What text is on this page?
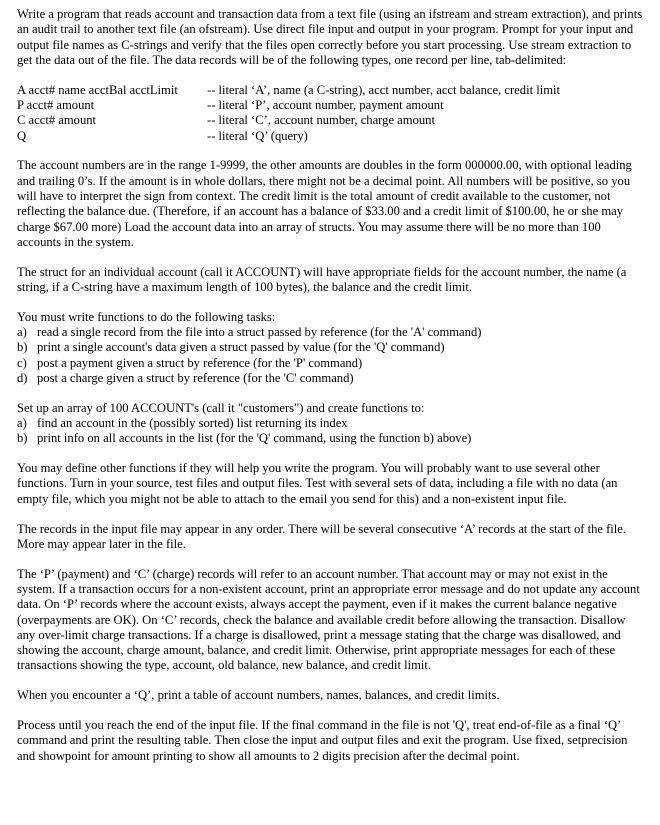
Write a program that reads account and transaction data from a text file (using an ifstream and stream extraction), and prints an audit trail to another text file (an ofstream). Use direct file input and output in your program. Prompt for your input and output file names as C-strings and verify that the files open correctly before you start processing. Use stream extraction to get the data out of the file. The data records will be of the following types, one record per line, tab-delimited:

A acct# name acctBal acctLimit	-- literal ‘A’, name (a C-string), acct number, acct balance, credit limit
P acct# amount	-- literal ‘P’, account number, payment amount
C acct# amount	-- literal ‘C’, account number, charge amount
Q	-- literal ‘Q’ (query)

The account numbers are in the range 1-9999, the other amounts are doubles in the form 000000.00, with optional leading and trailing 0’s. If the amount is in whole dollars, there might not be a decimal point. All numbers will be positive, so you will have to interpret the sign from context. The credit limit is the total amount of credit available to the customer, not reflecting the balance due. (Therefore, if an account has a balance of $33.00 and a credit limit of $100.00, he or she may charge $67.00 more) Load the account data into an array of structs. You may assume there will be no more than 100 accounts in the system.

The struct for an individual account (call it ACCOUNT) will have appropriate fields for the account number, the name (a string, if a C-string have a maximum length of 100 bytes), the balance and the credit limit.

You must write functions to do the following tasks:
a) read a single record from the file into a struct passed by reference (for the 'A' command)
b) print a single account's data given a struct passed by value (for the 'Q' command)
c) post a payment given a struct by reference (for the 'P' command)
d) post a charge given a struct by reference (for the 'C' command)
Set up an array of 100 ACCOUNT's (call it "customers") and create functions to:
a) find an account in the (possibly sorted) list returning its index
b) print info on all accounts in the list (for the 'Q' command, using the function b) above)

You may define other functions if they will help you write the program. You will probably want to use several other functions. Turn in your source, test files and output files. Test with several sets of data, including a file with no data (an empty file, which you might not be able to attach to the email you send for this) and a non-existent input file.

The records in the input file may appear in any order. There will be several consecutive ‘A’ records at the start of the file. More may appear later in the file.

The ‘P’ (payment) and ‘C’ (charge) records will refer to an account number. That account may or may not exist in the system. If a transaction occurs for a non-existent account, print an appropriate error message and do not update any account data. On ‘P’ records where the account exists, always accept the payment, even if it makes the current balance negative (overpayments are OK). On ‘C’ records, check the balance and available credit before allowing the transaction. Disallow any over-limit charge transactions. If a charge is disallowed, print a message stating that the charge was disallowed, and showing the account, charge amount, balance, and credit limit. Otherwise, print appropriate messages for each of these transactions showing the type, account, old balance, new balance, and credit limit.

When you encounter a ‘Q’, print a table of account numbers, names, balances, and credit limits.

Process until you reach the end of the input file. If the final command in the file is not 'Q', treat end-of-file as a final ‘Q’ command and print the resulting table. Then close the input and output files and exit the program. Use fixed, setprecision and showpoint for amount printing to show all amounts to 2 digits precision after the decimal point.
